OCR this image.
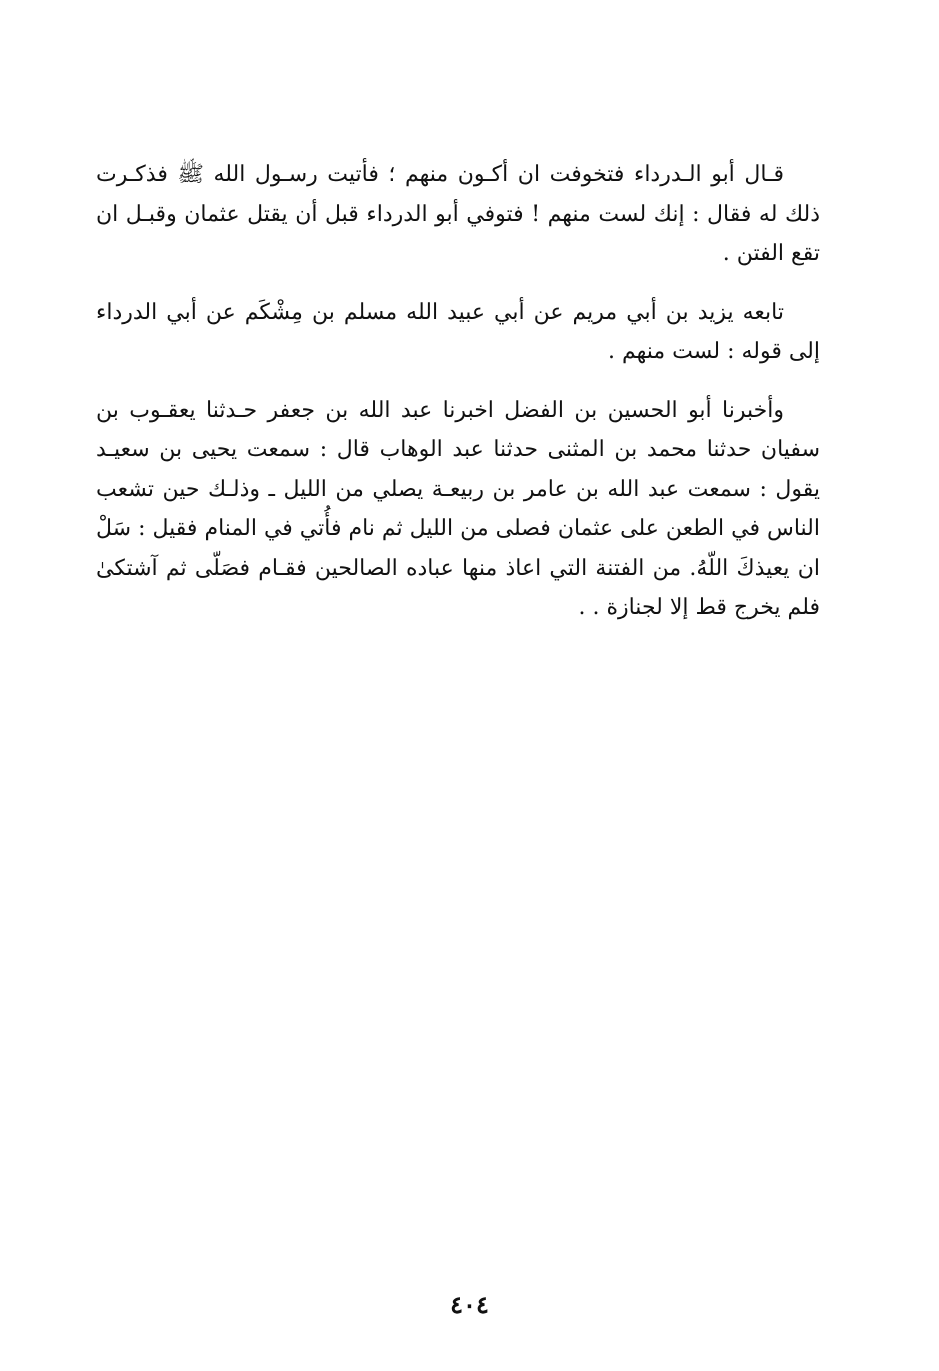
قـال أبو الـدرداء فتخوفت ان أكـون منهم ؛ فأتيت رسـول الله ﷺ فذكـرت ذلك له فقال : إنك لست منهم ! فتوفي أبو الدرداء قبل أن يقتل عثمان وقبـل ان تقع الفتن .

تابعه يزيد بن أبي مريم عن أبي عبيد الله مسلم بن مِشْكَم عن أبي الدرداء إلى قوله : لست منهم .

وأخبرنا أبو الحسين بن الفضل اخبرنا عبد الله بن جعفر حـدثنا يعقـوب بن سفيان حدثنا محمد بن المثنى حدثنا عبد الوهاب قال : سمعت يحيى بن سعيـد يقول : سمعت عبد الله بن عامر بن ربيعـة يصلي من الليل ـ وذلـك حين تشعب الناس في الطعن على عثمان فصلى من الليل ثم نام فأُتي في المنام فقيل : سَلْ ان يعيذكَ اللّهُ. من الفتنة التي اعاذ منها عباده الصالحين فقـام فصَلّى ثم آشتكىٰ فلم يخرج قط إلا لجنازة . .

٤٠٤
